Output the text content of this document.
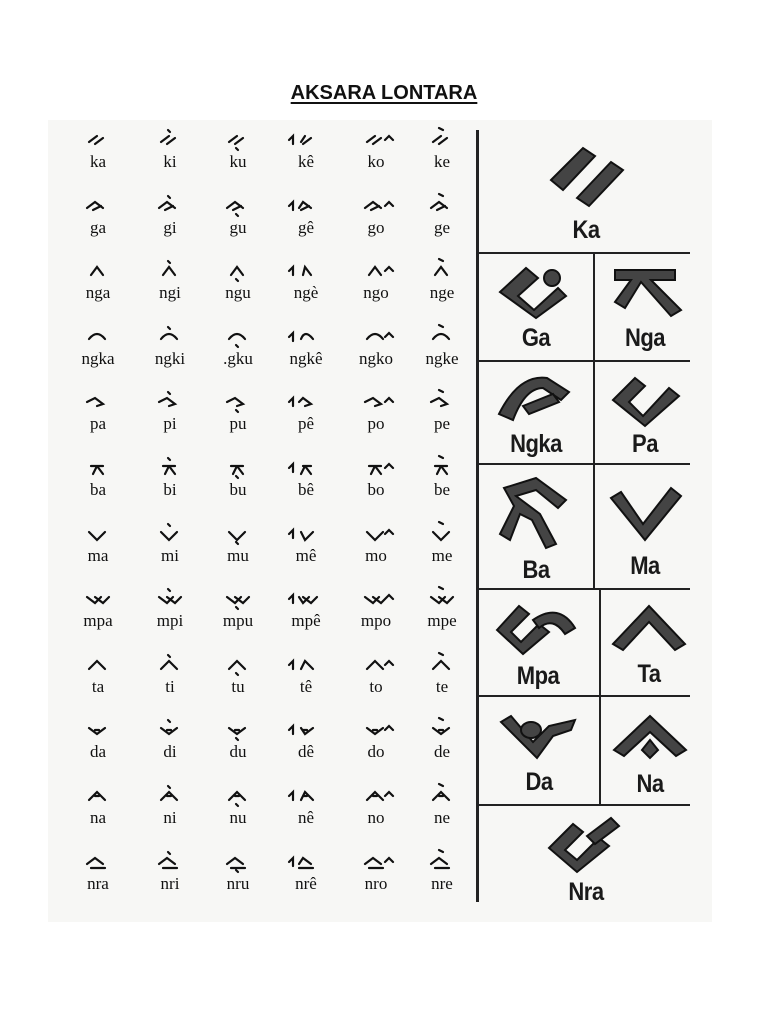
AKSARA LONTARA
ka	ki	ku	kê	ko	ke
ga	gi	gu	gê	go	ge
nga	ngi	ngu	ngè	ngo	nge
ngka	ngki	.gku	ngkê	ngko	ngke
pa	pi	pu	pê	po	pe
ba	bi	bu	bê	bo	be
ma	mi	mu	mê	mo	me
mpa	mpi	mpu	mpê	mpo	mpe
ta	ti	tu	tê	to	te
da	di	du	dê	do	de
na	ni	nu	nê	no	ne
nra	nri	nru	nrê	nro	nre
Ka
Ga	Nga
Ngka	Pa
Ba	Ma
Mpa	Ta
Da	Na
Nra
